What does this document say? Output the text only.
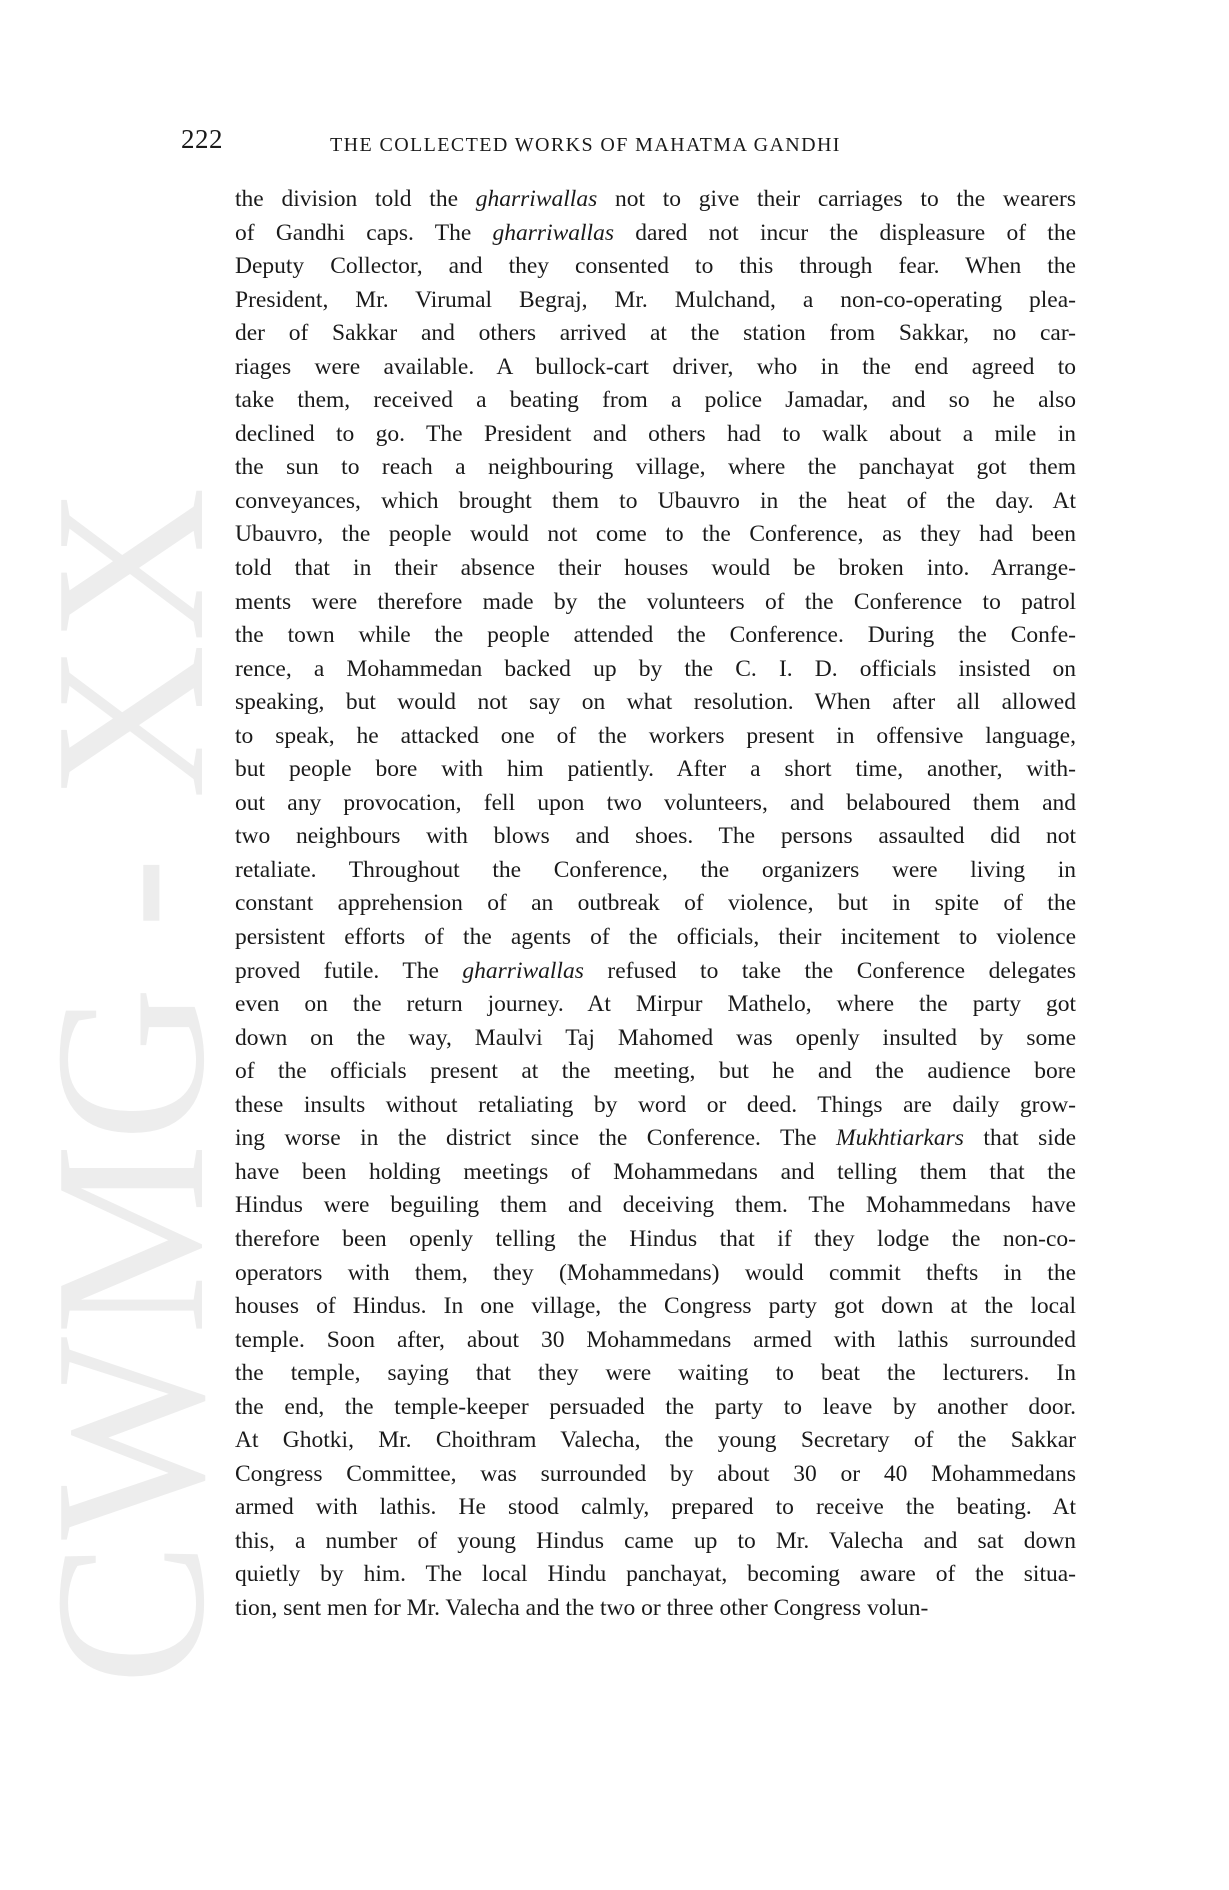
CWMG - XX
222	THE COLLECTED WORKS OF MAHATMA GANDHI
the division told the gharriwallas not to give their carriages to the wearers
of Gandhi caps. The gharriwallas dared not incur the displeasure of the
Deputy Collector, and they consented to this through fear. When the
President, Mr. Virumal Begraj, Mr. Mulchand, a non-co-operating plea-
der of Sakkar and others arrived at the station from Sakkar, no car-
riages were available. A bullock-cart driver, who in the end agreed to
take them, received a beating from a police Jamadar, and so he also
declined to go. The President and others had to walk about a mile in
the sun to reach a neighbouring village, where the panchayat got them
conveyances, which brought them to Ubauvro in the heat of the day. At
Ubauvro, the people would not come to the Conference, as they had been
told that in their absence their houses would be broken into. Arrange-
ments were therefore made by the volunteers of the Conference to patrol
the town while the people attended the Conference. During the Confe-
rence, a Mohammedan backed up by the C. I. D. officials insisted on
speaking, but would not say on what resolution. When after all allowed
to speak, he attacked one of the workers present in offensive language,
but people bore with him patiently. After a short time, another, with-
out any provocation, fell upon two volunteers, and belaboured them and
two neighbours with blows and shoes. The persons assaulted did not
retaliate. Throughout the Conference, the organizers were living in
constant apprehension of an outbreak of violence, but in spite of the
persistent efforts of the agents of the officials, their incitement to violence
proved futile. The gharriwallas refused to take the Conference delegates
even on the return journey. At Mirpur Mathelo, where the party got
down on the way, Maulvi Taj Mahomed was openly insulted by some
of the officials present at the meeting, but he and the audience bore
these insults without retaliating by word or deed. Things are daily grow-
ing worse in the district since the Conference. The Mukhtiarkars that side
have been holding meetings of Mohammedans and telling them that the
Hindus were beguiling them and deceiving them. The Mohammedans have
therefore been openly telling the Hindus that if they lodge the non-co-
operators with them, they (Mohammedans) would commit thefts in the
houses of Hindus. In one village, the Congress party got down at the local
temple. Soon after, about 30 Mohammedans armed with lathis surrounded
the temple, saying that they were waiting to beat the lecturers. In
the end, the temple-keeper persuaded the party to leave by another door.
At Ghotki, Mr. Choithram Valecha, the young Secretary of the Sakkar
Congress Committee, was surrounded by about 30 or 40 Mohammedans
armed with lathis. He stood calmly, prepared to receive the beating. At
this, a number of young Hindus came up to Mr. Valecha and sat down
quietly by him. The local Hindu panchayat, becoming aware of the situa-
tion, sent men for Mr. Valecha and the two or three other Congress volun-
